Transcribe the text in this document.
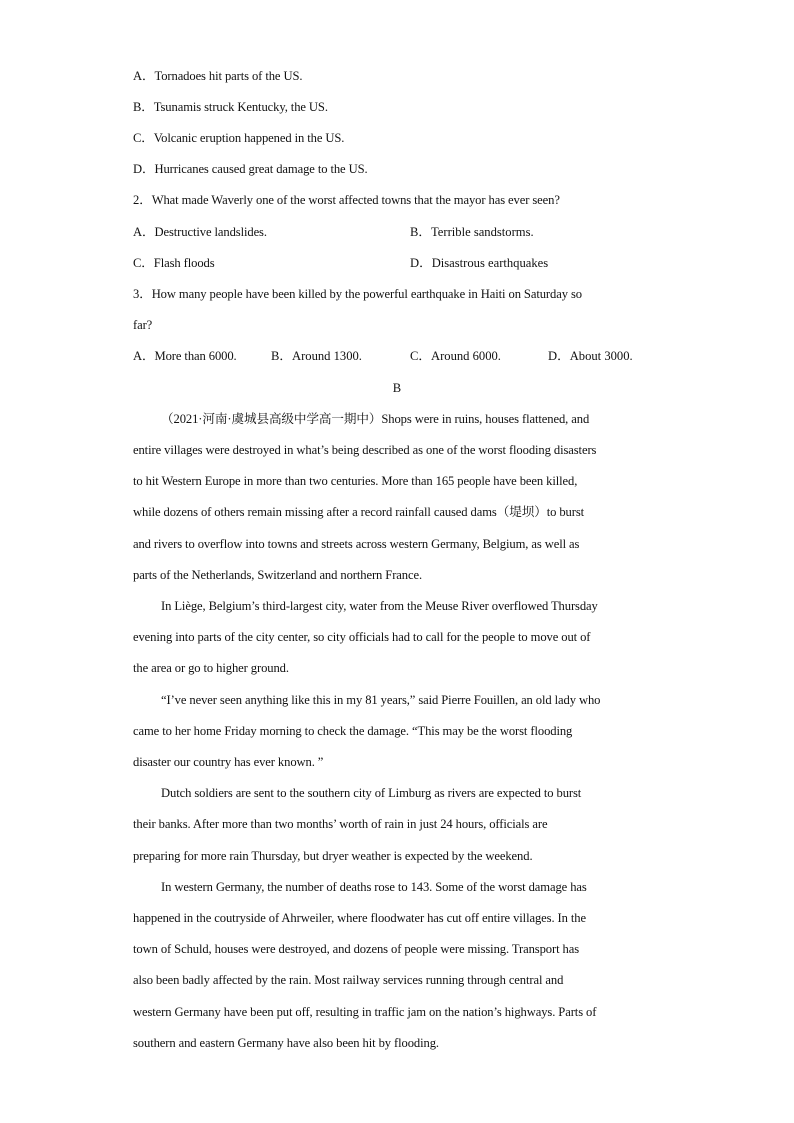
A．Tornadoes hit parts of the US.
B．Tsunamis struck Kentucky, the US.
C．Volcanic eruption happened in the US.
D．Hurricanes caused great damage to the US.
2．What made Waverly one of the worst affected towns that the mayor has ever seen?
A．Destructive landslides.	B．Terrible sandstorms.
C．Flash floods	D．Disastrous earthquakes
3．How many people have been killed by the powerful earthquake in Haiti on Saturday so
far?
A．More than 6000.	B．Around 1300.	C．Around 6000.	D．About 3000.
B
（2021·河南·虞城县高级中学高一期中）Shops were in ruins, houses flattened, and
entire villages were destroyed in what’s being described as one of the worst flooding disasters
to hit Western Europe in more than two centuries. More than 165 people have been killed,
while dozens of others remain missing after a record rainfall caused dams（堤坝）to burst
and rivers to overflow into towns and streets across western Germany, Belgium, as well as
parts of the Netherlands, Switzerland and northern France.
In Liège, Belgium’s third-largest city, water from the Meuse River overflowed Thursday
evening into parts of the city center, so city officials had to call for the people to move out of
the area or go to higher ground.
“I’ve never seen anything like this in my 81 years,” said Pierre Fouillen, an old lady who
came to her home Friday morning to check the damage. “This may be the worst flooding
disaster our country has ever known. ”
Dutch soldiers are sent to the southern city of Limburg as rivers are expected to burst
their banks. After more than two months’ worth of rain in just 24 hours, officials are
preparing for more rain Thursday, but dryer weather is expected by the weekend.
In western Germany, the number of deaths rose to 143. Some of the worst damage has
happened in the coutryside of Ahrweiler, where floodwater has cut off entire villages. In the
town of Schuld, houses were destroyed, and dozens of people were missing. Transport has
also been badly affected by the rain. Most railway services running through central and
western Germany have been put off, resulting in traffic jam on the nation’s highways. Parts of
southern and eastern Germany have also been hit by flooding.
